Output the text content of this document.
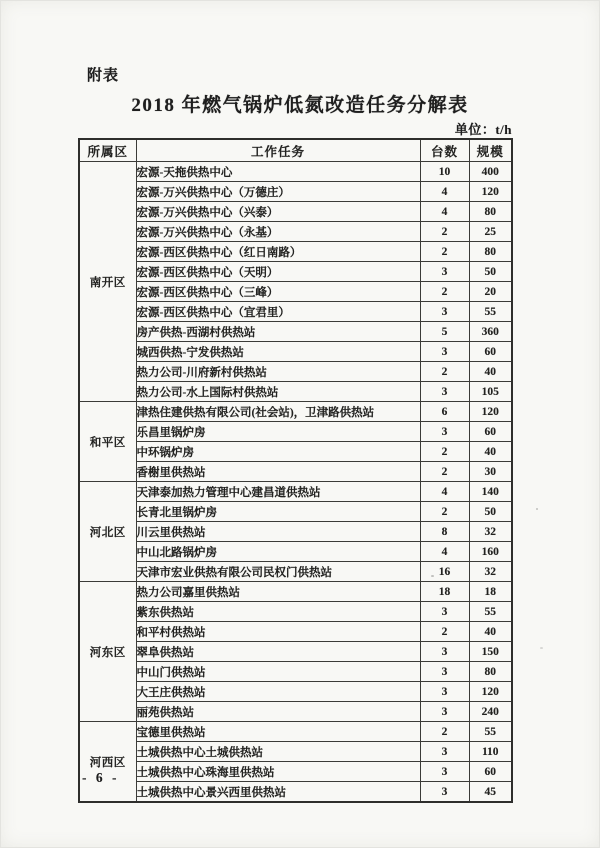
附表
2018 年燃气锅炉低氮改造任务分解表
单位：t/h
所属区	工作任务	台数	规模
南开区	宏源-天拖供热中心	10	400
	宏源-万兴供热中心（万德庄）	4	120
	宏源-万兴供热中心（兴泰）	4	80
	宏源-万兴供热中心（永基）	2	25
	宏源-西区供热中心（红日南路）	2	80
	宏源-西区供热中心（天明）	3	50
	宏源-西区供热中心（三峰）	2	20
	宏源-西区供热中心（宜君里）	3	55
	房产供热-西湖村供热站	5	360
	城西供热-宁发供热站	3	60
	热力公司-川府新村供热站	2	40
	热力公司-水上国际村供热站	3	105
和平区	津热住建供热有限公司(社会站)，卫津路供热站	6	120
	乐昌里锅炉房	3	60
	中环锅炉房	2	40
	香榭里供热站	2	30
河北区	天津泰加热力管理中心建昌道供热站	4	140
	长青北里锅炉房	2	50
	川云里供热站	8	32
	中山北路锅炉房	4	160
	天津市宏业供热有限公司民权门供热站	16	32
河东区	热力公司嘉里供热站	18	18
	紫东供热站	3	55
	和平村供热站	2	40
	翠阜供热站	3	150
	中山门供热站	3	80
	大王庄供热站	3	120
	丽苑供热站	3	240
河西区	宝德里供热站	2	55
	土城供热中心土城供热站	3	110
	土城供热中心珠海里供热站	3	60
	土城供热中心景兴西里供热站	3	45
- 6 -
